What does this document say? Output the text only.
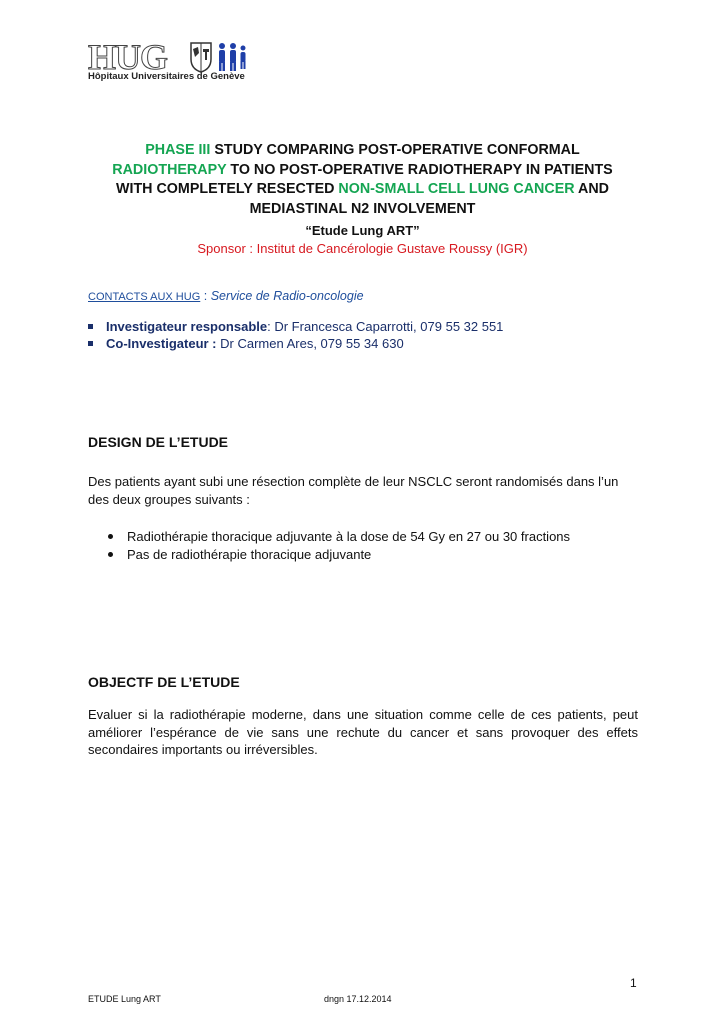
HUG
Hôpitaux Universitaires de Genève
PHASE III STUDY COMPARING POST-OPERATIVE CONFORMAL
RADIOTHERAPY TO NO POST-OPERATIVE RADIOTHERAPY IN PATIENTS
WITH COMPLETELY RESECTED NON-SMALL CELL LUNG CANCER AND
MEDIASTINAL N2 INVOLVEMENT
“Etude Lung ART”
Sponsor : Institut de Cancérologie Gustave Roussy (IGR)
CONTACTS AUX HUG : Service de Radio-oncologie
Investigateur responsable: Dr Francesca Caparrotti, 079 55 32 551
Co-Investigateur : Dr Carmen Ares, 079 55 34 630
DESIGN DE L’ETUDE
Des patients ayant subi une résection complète de leur NSCLC seront randomisés dans l’un des deux groupes suivants :
Radiothérapie thoracique adjuvante à la dose de 54 Gy en 27 ou 30 fractions
Pas de radiothérapie thoracique adjuvante
OBJECTF DE L’ETUDE
Evaluer si la radiothérapie moderne, dans une situation comme celle de ces patients, peut améliorer l’espérance de vie sans une rechute du cancer et sans provoquer des effets secondaires importants ou irréversibles.
1
ETUDE Lung ART	dngn 17.12.2014
